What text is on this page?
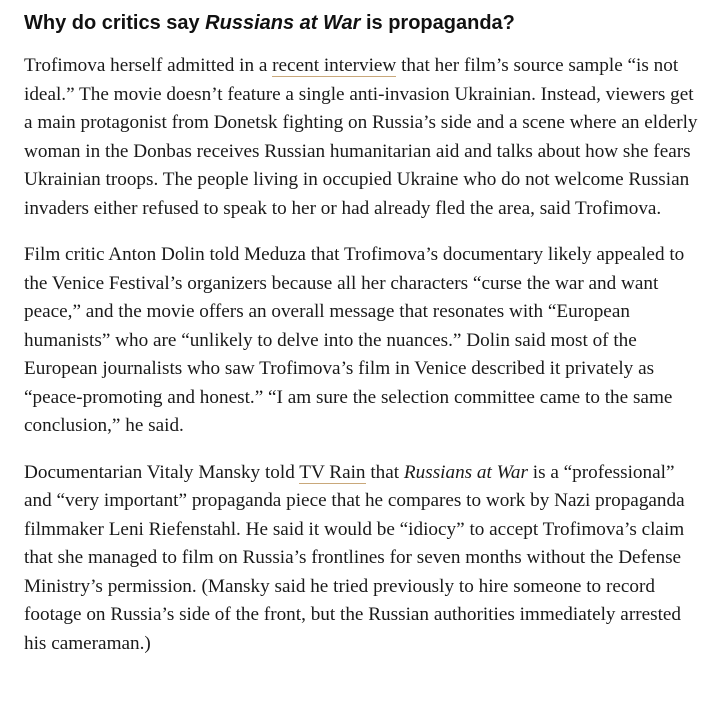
Why do critics say Russians at War is propaganda?

Trofimova herself admitted in a recent interview that her film’s source sample “is not ideal.” The movie doesn’t feature a single anti-invasion Ukrainian. Instead, viewers get a main protagonist from Donetsk fighting on Russia’s side and a scene where an elderly woman in the Donbas receives Russian humanitarian aid and talks about how she fears Ukrainian troops. The people living in occupied Ukraine who do not welcome Russian invaders either refused to speak to her or had already fled the area, said Trofimova.

Film critic Anton Dolin told Meduza that Trofimova’s documentary likely appealed to the Venice Festival’s organizers because all her characters “curse the war and want peace,” and the movie offers an overall message that resonates with “European humanists” who are “unlikely to delve into the nuances.” Dolin said most of the European journalists who saw Trofimova’s film in Venice described it privately as “peace-promoting and honest.” “I am sure the selection committee came to the same conclusion,” he said.

Documentarian Vitaly Mansky told TV Rain that Russians at War is a “professional” and “very important” propaganda piece that he compares to work by Nazi propaganda filmmaker Leni Riefenstahl. He said it would be “idiocy” to accept Trofimova’s claim that she managed to film on Russia’s frontlines for seven months without the Defense Ministry’s permission. (Mansky said he tried previously to hire someone to record footage on Russia’s side of the front, but the Russian authorities immediately arrested his cameraman.)
